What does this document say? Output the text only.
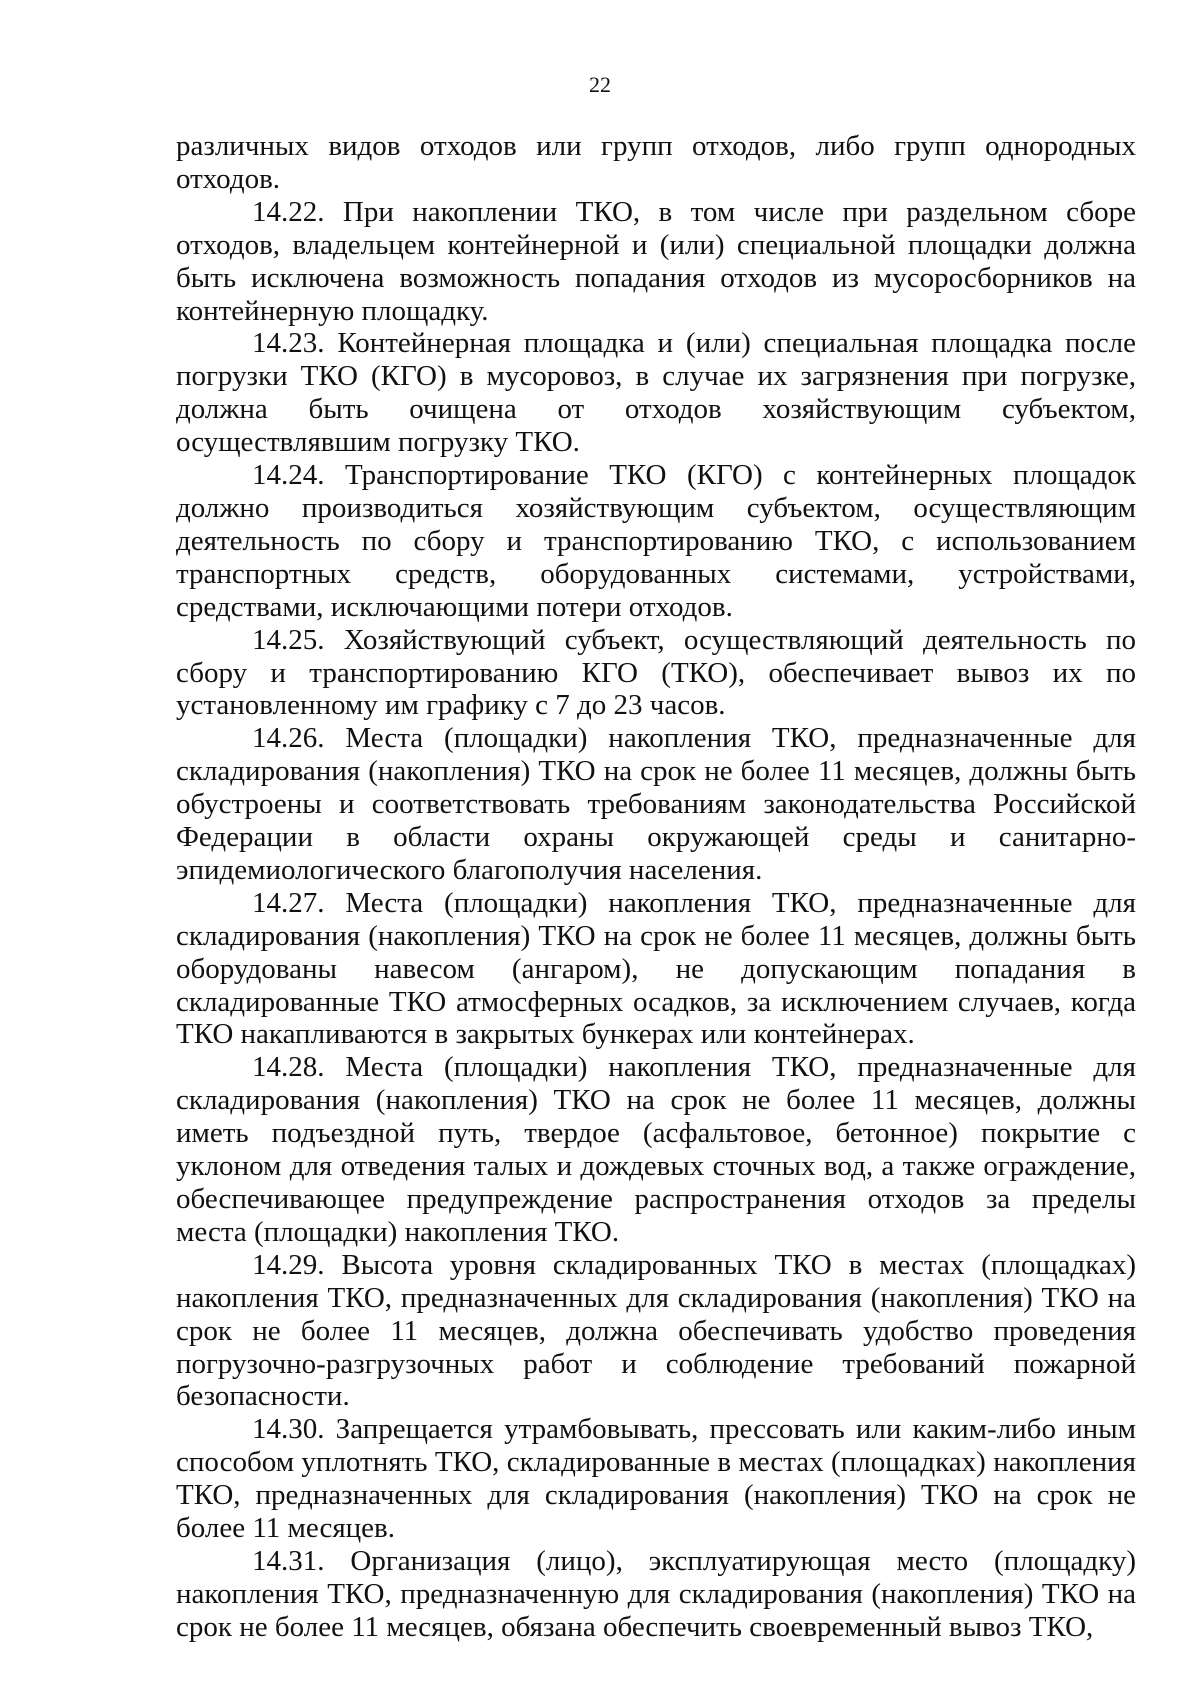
22

различных видов отходов или групп отходов, либо групп однородных отходов.

14.22. При накоплении ТКО, в том числе при раздельном сборе отходов, владельцем контейнерной и (или) специальной площадки должна быть исключена возможность попадания отходов из мусоросборников на контейнерную площадку.

14.23. Контейнерная площадка и (или) специальная площадка после погрузки ТКО (КГО) в мусоровоз, в случае их загрязнения при погрузке, должна быть очищена от отходов хозяйствующим субъектом, осуществлявшим погрузку ТКО.

14.24. Транспортирование ТКО (КГО) с контейнерных площадок должно производиться хозяйствующим субъектом, осуществляющим деятельность по сбору и транспортированию ТКО, с использованием транспортных средств, оборудованных системами, устройствами, средствами, исключающими потери отходов.

14.25. Хозяйствующий субъект, осуществляющий деятельность по сбору и транспортированию КГО (ТКО), обеспечивает вывоз их по установленному им графику с 7 до 23 часов.

14.26. Места (площадки) накопления ТКО, предназначенные для складирования (накопления) ТКО на срок не более 11 месяцев, должны быть обустроены и соответствовать требованиям законодательства Российской Федерации в области охраны окружающей среды и санитарно-эпидемиологического благополучия населения.

14.27. Места (площадки) накопления ТКО, предназначенные для складирования (накопления) ТКО на срок не более 11 месяцев, должны быть оборудованы навесом (ангаром), не допускающим попадания в складированные ТКО атмосферных осадков, за исключением случаев, когда ТКО накапливаются в закрытых бункерах или контейнерах.

14.28. Места (площадки) накопления ТКО, предназначенные для складирования (накопления) ТКО на срок не более 11 месяцев, должны иметь подъездной путь, твердое (асфальтовое, бетонное) покрытие с уклоном для отведения талых и дождевых сточных вод, а также ограждение, обеспечивающее предупреждение распространения отходов за пределы места (площадки) накопления ТКО.

14.29. Высота уровня складированных ТКО в местах (площадках) накопления ТКО, предназначенных для складирования (накопления) ТКО на срок не более 11 месяцев, должна обеспечивать удобство проведения погрузочно-разгрузочных работ и соблюдение требований пожарной безопасности.

14.30. Запрещается утрамбовывать, прессовать или каким-либо иным способом уплотнять ТКО, складированные в местах (площадках) накопления ТКО, предназначенных для складирования (накопления) ТКО на срок не более 11 месяцев.

14.31. Организация (лицо), эксплуатирующая место (площадку) накопления ТКО, предназначенную для складирования (накопления) ТКО на срок не более 11 месяцев, обязана обеспечить своевременный вывоз ТКО,
